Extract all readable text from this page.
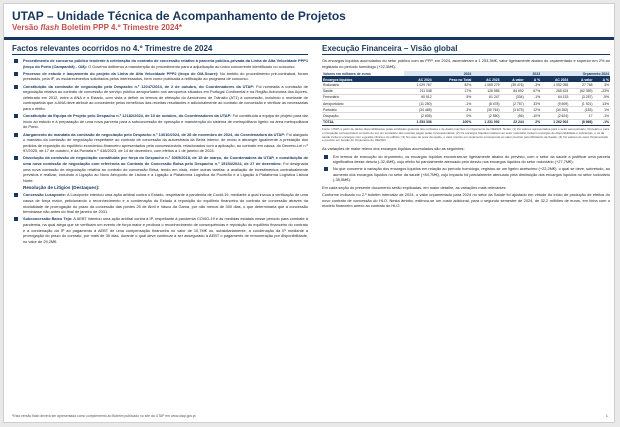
UTAP – Unidade Técnica de Acompanhamento de Projetos
Versão flash Boletim PPP 4.º Trimestre 2024*
Factos relevantes ocorridos no 4.º Trimestre de 2024
Procedimento de concurso público tendente à celebração do contrato de concessão relativo à parceria público-privada da Linha de Alta Velocidade PPP1 (troço do Porto (Campanhã) - Oiã): O Governo deliberou a manutenção do procedimento para a adjudicação ao único concorrente identificado no concurso.
Processo de estudo e lançamento do projeto da Linha de Alta Velocidade PPP2 (troço de Oiã-Soure): No âmbito do procedimento pré-contratual, foram prestados, pela IP, os esclarecimentos solicitados pelos interessados, bem como publicada a retificação ao programa de concurso.
Constituição da comissão de negociação pelo Despacho n.º 12047/2024, de 2 de outubro, do Coordenadores da UTAP: Foi nomeada a comissão de negociação relativa ao contrato de concessão de serviço público aeroportuário nos aeroportos situados em Portugal Continental e na Região Autónoma dos Açores, celebrado em 2012, entre a ANA e o Estado, com vista a definir os termos de efetação do Aeródromo de Trânsito (AT1) à concessão, incluindo o montante de contrapartida que a ANA deve atribuir ao concedente pelos benefícios das receitas resultantes e adicionalmente ao contrato de concessão e verificar as necessárias para o efeito.
Constituição da Equipa de Projeto pelo Despacho n.º 12182/2024, de 10 de outubro, do Coordenadores da UTAP: Foi constituída a equipa de projeto para dar início ao estudo e à preparação de uma nova parceria para a subconcessão de operação e manutenção do sistema de metropolitano ligeiro na área metropolitana do Porto.
Alargamento do mandato da comissão de negociação pelo Despacho n.º 14010/2024, de 28 de novembro de 2024, do Coordenadora da UTAP: Foi alargado o mandato da comissão de negociação respeitante ao contrato de concessão da autoestrada da Beira Interior, de modo a abranger igualmente a prestação dos pedidos de reposição do equilíbrio económico-financeiro apresentados pela concessionária, relacionados com a aplicação, ao contrato em causa, do Decreto-Lei n.º 97/2025, de 17 de outubro, e da Portaria n.º 418/2023, de 14 de dezembro, com efeitos a 1 de janeiro de 2024.
Dissolução da comissão de negociação constituída por força do Despacho n.º 3065/2018, de 15 de março, do Coordenadora da UTAP, e constituição de uma nova comissão de negociação com referência ao Contrato de Concessão Bolsa pelo Despacho n.º 15154/2024, de 27 de dezembro: Foi designada uma nova comissão de negociação relativa ao contrato de concessão Brisa, tendo em vista, entre outras tarefas: a avaliação de investimentos contratualmente previstos e realizar, incluindo a Ligação ao Novo Aeroporto de Lisboa e a Ligação à Plataforma Logística do Poceirão e a Ligação à Plataforma Logística Lisboa Norte.
Resolução de Litígios (Destaques):
Concessão Lusoponte: A Lusoponte intentou uma ação arbitral contra o Estado, respeitante à pandemia de Covid-19, mediante a qual invoca a verificação de uma causa de força maior, peticionando o reconhecimento e a condenação do Estado à reposição do equilíbrio financeiro do contrato de concessão através da modalidade de prorrogação do prazo da concessão das pontes 25 de Abril e Vasco da Gama, por não menos de 300 dias, o que determinaria que a concessão terminasse não antes do final de janeiro de 2031.
Subconcessão Baixo Tejo: A AEBT intentou uma ação arbitral contra a IP, respeitante à pandemia COVID-19 e às medidas estatais nesse período para combate à pandemia, na qual alega que se verificam um evento de força maior e pediona o reconhecimento de consequências e reposição do equilíbrio financeiro do contrato e a condenação da IP ao pagamento à AEBT de uma compensação financeira no valor de 10,7M€ ou, subsidiariamente, a condenação da IP mediante a prorrogação do prazo do contrato, por mais de 30 dias, durante o qual deve continuar a ser assegurado à AEBT o pagamento de remuneração por disponibilidade, no valor de 29,2M€.
Execução Financeira – Visão global

Os encargos líquidos acumulados do setor público com as PPP, em 2024, ascenderam a 1 253,3M€, valor ligeiramente abaixo do orçamentado e superior em 2% ao registado no período homólogo (+22,3M€).

Valores em milhares de euros	2024		2023			Orçamento 2024		
Encargos líquidos	AC 2024	Peso no Total	AC 2023	Δ valor	Δ %	AC 2024	Δ valor	Δ %
Rodoviário	1 029 767	82%	1 065 279	(35 476)	-3%	1 052 055	27 768	3%
Saúde	211 048	17%	126 556	84 692	67%	265 424	(62 359)	-23%
Ferroviário	60 912	5%	61 247	(334)	-1%	64 133	(3 257)	-5%
Aeroportuário	(11 250)	-1%	(8 478)	(2 757)	33%	(9 509)	(1 921)	13%
Portuário	(34 465)	-3%	(30 761)	(3 675)	12%	(34 252)	(183)	1%
Ocupação	(2 606)	0%	(2 550)	(56)	-10%	(2 624)	17	-1%
TOTAL	1 253 336	100%	1 231 092	22 244	2%	1 262 002	(8 666)	-1%
Fonte: UTAP, a partir de dados disponibilizados pelas entidades gestoras dos contratos e de dados inscritos no Orçamento de OE2024. Notas: (1) Os valores apresentados para o setor aeroportuário, Portuário e para o Ocupação correspondem ao facto de ser um somatório dos receitas pagas pelas concessionárias; (2) Os encargos líquidos relativos ao setor rodoviário incluem encargos de disponibilidade e cobranças, e os da saúde incluem encargos com a gestão clínica e do edifício; (3) No caso do setor da saúde, o valor inscrito em orçamento corresponde ao valor previsto pelo Ministério da Saúde; (4) Os valores do setor Orçamentado e previsto em função do Orçamento de OE2024.

As variações de maior relevo dos encargos líquidos acumulados são as seguintes:

Em termos de execução do orçamento, os encargos líquidos encontram-se ligeiramente abaixo do previsto, com o setor da saúde a justificar uma parcela significativa desse desvio (-32,4M€), cujo efeito foi parcialmente atenuado pelo desvio nos encargos líquidos do setor rodoviário (+27,7M€);
No que concerne à variação dos encargos líquidos em relação ao período homólogo, registou-se um ligeiro acréscimo (+22,2M€), o qual se deve, sobretudo, ao aumento dos encargos líquidos no setor da saúde (+84,7M€), cujo impacto foi parcialmente atenuado pela diminuição dos encargos líquidos no setor rodoviário (-35,5M€).

Em cada seção do presente documento serão explicadas, em maior detalhe, as variações mais relevantes.

Conforme indicado no 2.º boletim intercalar de 2024, o valor orçamentado para 2024 no setor da Saúde foi ajustado em virtude do início de produção de efeitos do novo contrato de concessão do HLO. Nesta âmbito, estimou-se um custo adicional, para o segundo semestre de 2024, de 32,2 milhões de euros, em linha com o modelo financeiro anexo ao contrato do HLO.

*Esta versão flash deverá ser apresentada como complemento ao Boletim publicado no site da UTAP em www.utap.gov.pt	1
